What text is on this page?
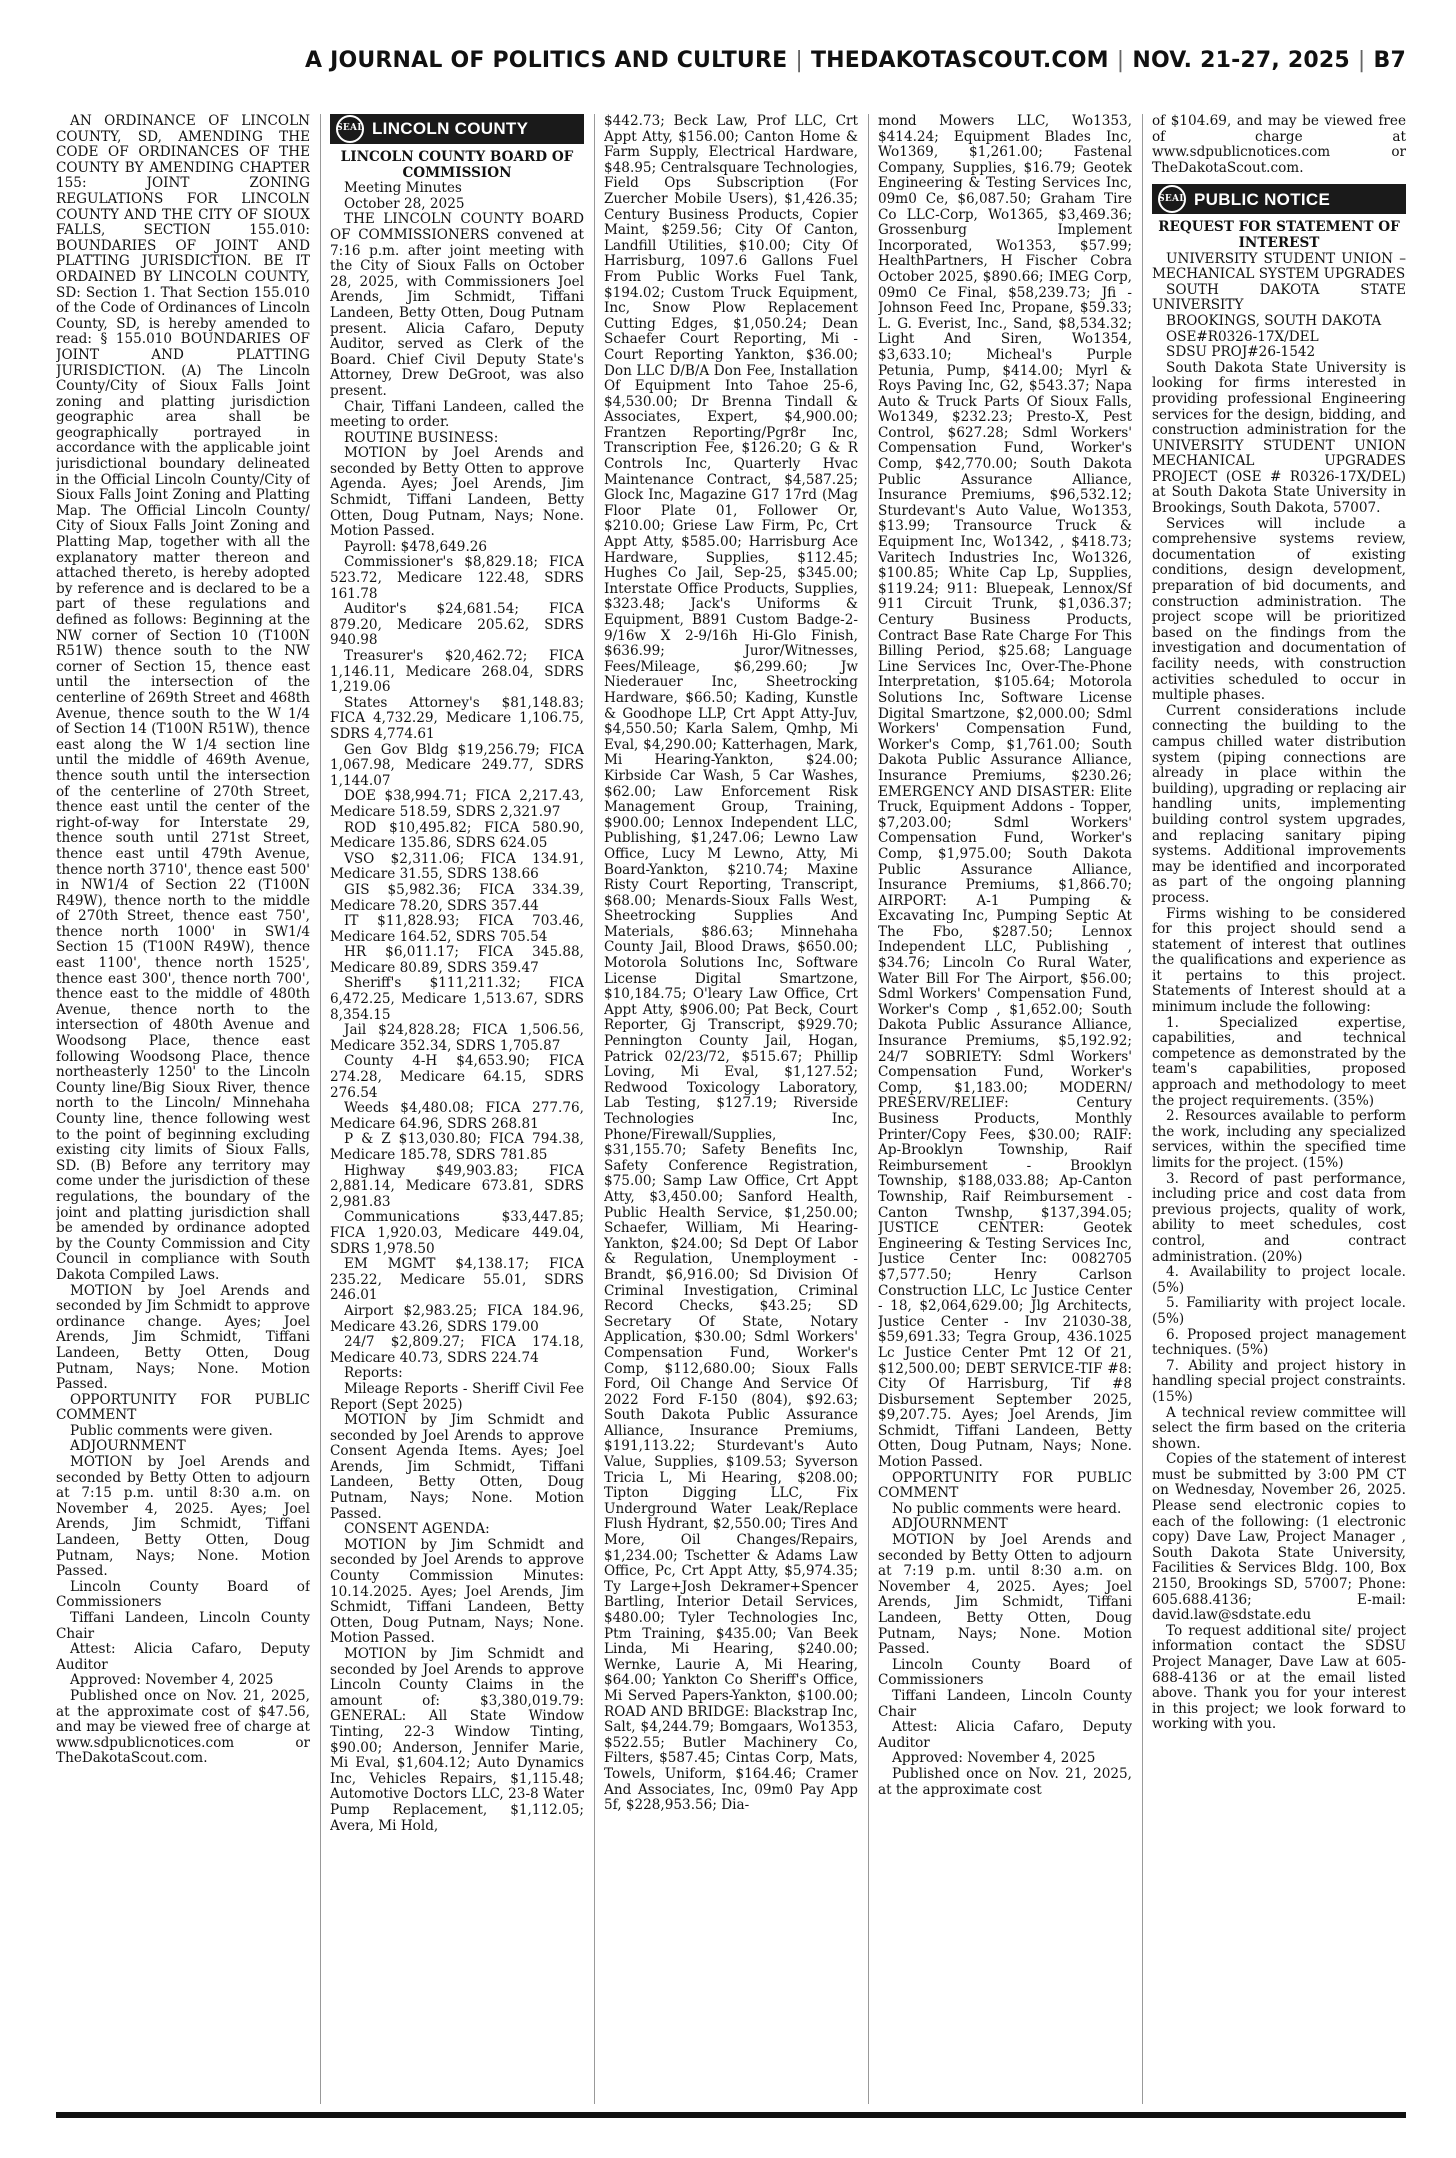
A JOURNAL OF POLITICS AND CULTURE | THEDAKOTASCOUT.COM | NOV. 21-27, 2025 | B7

AN ORDINANCE OF LINCOLN COUNTY, SD, AMENDING THE CODE OF ORDINANCES OF THE COUNTY BY AMENDING CHAPTER 155: JOINT ZONING REGULATIONS FOR LINCOLN COUNTY AND THE CITY OF SIOUX FALLS, SECTION 155.010: BOUNDARIES OF JOINT AND PLATTING JURISDICTION. BE IT ORDAINED BY LINCOLN COUNTY, SD: Section 1. That Section 155.010 of the Code of Ordinances of Lincoln County, SD, is hereby amended to read: § 155.010 BOUNDARIES OF JOINT AND PLATTING JURISDICTION. (A) The Lincoln County/City of Sioux Falls Joint zoning and platting jurisdiction geographic area shall be geographically portrayed in accordance with the applicable joint jurisdictional boundary delineated in the Official Lincoln County/City of Sioux Falls Joint Zoning and Platting Map. The Official Lincoln County/ City of Sioux Falls Joint Zoning and Platting Map, together with all the explanatory matter thereon and attached thereto, is hereby adopted by reference and is declared to be a part of these regulations and defined as follows: Beginning at the NW corner of Section 10 (T100N R51W) thence south to the NW corner of Section 15, thence east until the intersection of the centerline of 269th Street and 468th Avenue, thence south to the W 1/4 of Section 14 (T100N R51W), thence east along the W 1/4 section line until the middle of 469th Avenue, thence south until the intersection of the centerline of 270th Street, thence east until the center of the right-of-way for Interstate 29, thence south until 271st Street, thence east until 479th Avenue, thence north 3710', thence east 500' in NW1/4 of Section 22 (T100N R49W), thence north to the middle of 270th Street, thence east 750', thence north 1000' in SW1/4 Section 15 (T100N R49W), thence east 1100', thence north 1525', thence east 300', thence north 700', thence east to the middle of 480th Avenue, thence north to the intersection of 480th Avenue and Woodsong Place, thence east following Woodsong Place, thence northeasterly 1250' to the Lincoln County line/Big Sioux River, thence north to the Lincoln/ Minnehaha County line, thence following west to the point of beginning excluding existing city limits of Sioux Falls, SD. (B) Before any territory may come under the jurisdiction of these regulations, the boundary of the joint and platting jurisdiction shall be amended by ordinance adopted by the County Commission and City Council in compliance with South Dakota Compiled Laws.

MOTION by Joel Arends and seconded by Jim Schmidt to approve ordinance change. Ayes; Joel Arends, Jim Schmidt, Tiffani Landeen, Betty Otten, Doug Putnam, Nays; None. Motion Passed.

OPPORTUNITY FOR PUBLIC COMMENT

Public comments were given.

ADJOURNMENT

MOTION by Joel Arends and seconded by Betty Otten to adjourn at 7:15 p.m. until 8:30 a.m. on November 4, 2025. Ayes; Joel Arends, Jim Schmidt, Tiffani Landeen, Betty Otten, Doug Putnam, Nays; None. Motion Passed.

Lincoln County Board of Commissioners

Tiffani Landeen, Lincoln County Chair

Attest: Alicia Cafaro, Deputy Auditor

Approved: November 4, 2025

Published once on Nov. 21, 2025, at the approximate cost of $47.56, and may be viewed free of charge at www.sdpublicnotices.com or TheDakotaScout.com.

SEAL LINCOLN COUNTY

LINCOLN COUNTY BOARD OF COMMISSION

Meeting Minutes

October 28, 2025

THE LINCOLN COUNTY BOARD OF COMMISSIONERS convened at 7:16 p.m. after joint meeting with the City of Sioux Falls on October 28, 2025, with Commissioners Joel Arends, Jim Schmidt, Tiffani Landeen, Betty Otten, Doug Putnam present. Alicia Cafaro, Deputy Auditor, served as Clerk of the Board. Chief Civil Deputy State's Attorney, Drew DeGroot, was also present.

Chair, Tiffani Landeen, called the meeting to order.

ROUTINE BUSINESS:

MOTION by Joel Arends and seconded by Betty Otten to approve Agenda. Ayes; Joel Arends, Jim Schmidt, Tiffani Landeen, Betty Otten, Doug Putnam, Nays; None. Motion Passed.

Payroll: $478,649.26

Commissioner's $8,829.18; FICA 523.72, Medicare 122.48, SDRS 161.78

Auditor's $24,681.54; FICA 879.20, Medicare 205.62, SDRS 940.98

Treasurer's $20,462.72; FICA 1,146.11, Medicare 268.04, SDRS 1,219.06

States Attorney's $81,148.83; FICA 4,732.29, Medicare 1,106.75, SDRS 4,774.61

Gen Gov Bldg $19,256.79; FICA 1,067.98, Medicare 249.77, SDRS 1,144.07

DOE $38,994.71; FICA 2,217.43, Medicare 518.59, SDRS 2,321.97

ROD $10,495.82; FICA 580.90, Medicare 135.86, SDRS 624.05

VSO $2,311.06; FICA 134.91, Medicare 31.55, SDRS 138.66

GIS $5,982.36; FICA 334.39, Medicare 78.20, SDRS 357.44

IT $11,828.93; FICA 703.46, Medicare 164.52, SDRS 705.54

HR $6,011.17; FICA 345.88, Medicare 80.89, SDRS 359.47

Sheriff's $111,211.32; FICA 6,472.25, Medicare 1,513.67, SDRS 8,354.15

Jail $24,828.28; FICA 1,506.56, Medicare 352.34, SDRS 1,705.87

County 4-H $4,653.90; FICA 274.28, Medicare 64.15, SDRS 276.54

Weeds $4,480.08; FICA 277.76, Medicare 64.96, SDRS 268.81

P & Z $13,030.80; FICA 794.38, Medicare 185.78, SDRS 781.85

Highway $49,903.83; FICA 2,881.14, Medicare 673.81, SDRS 2,981.83

Communications $33,447.85; FICA 1,920.03, Medicare 449.04, SDRS 1,978.50

EM MGMT $4,138.17; FICA 235.22, Medicare 55.01, SDRS 246.01

Airport $2,983.25; FICA 184.96, Medicare 43.26, SDRS 179.00

24/7 $2,809.27; FICA 174.18, Medicare 40.73, SDRS 224.74

Reports:

Mileage Reports - Sheriff Civil Fee Report (Sept 2025)

MOTION by Jim Schmidt and seconded by Joel Arends to approve Consent Agenda Items. Ayes; Joel Arends, Jim Schmidt, Tiffani Landeen, Betty Otten, Doug Putnam, Nays; None. Motion Passed.

CONSENT AGENDA:

MOTION by Jim Schmidt and seconded by Joel Arends to approve County Commission Minutes: 10.14.2025. Ayes; Joel Arends, Jim Schmidt, Tiffani Landeen, Betty Otten, Doug Putnam, Nays; None. Motion Passed.

MOTION by Jim Schmidt and seconded by Joel Arends to approve Lincoln County Claims in the amount of: $3,380,019.79: GENERAL: All State Window Tinting, 22-3 Window Tinting, $90.00; Anderson, Jennifer Marie, Mi Eval, $1,604.12; Auto Dynamics Inc, Vehicles Repairs, $1,115.48; Automotive Doctors LLC, 23-8 Water Pump Replacement, $1,112.05; Avera, Mi Hold,

$442.73; Beck Law, Prof LLC, Crt Appt Atty, $156.00; Canton Home & Farm Supply, Electrical Hardware, $48.95; Centralsquare Technologies, Field Ops Subscription (For Zuercher Mobile Users), $1,426.35; Century Business Products, Copier Maint, $259.56; City Of Canton, Landfill Utilities, $10.00; City Of Harrisburg, 1097.6 Gallons Fuel From Public Works Fuel Tank, $194.02; Custom Truck Equipment, Inc, Snow Plow Replacement Cutting Edges, $1,050.24; Dean Schaefer Court Reporting, Mi - Court Reporting Yankton, $36.00; Don LLC D/B/A Don Fee, Installation Of Equipment Into Tahoe 25-6, $4,530.00; Dr Brenna Tindall & Associates, Expert, $4,900.00; Frantzen Reporting/Pgr8r Inc, Transcription Fee, $126.20; G & R Controls Inc, Quarterly Hvac Maintenance Contract, $4,587.25; Glock Inc, Magazine G17 17rd (Mag Floor Plate 01, Follower Or, $210.00; Griese Law Firm, Pc, Crt Appt Atty, $585.00; Harrisburg Ace Hardware, Supplies, $112.45; Hughes Co Jail, Sep-25, $345.00; Interstate Office Products, Supplies, $323.48; Jack's Uniforms & Equipment, B891 Custom Badge-2-9/16w X 2-9/16h Hi-Glo Finish, $636.99; Juror/Witnesses, Fees/Mileage, $6,299.60; Jw Niederauer Inc, Sheetrocking Hardware, $66.50; Kading, Kunstle & Goodhope LLP, Crt Appt Atty-Juv, $4,550.50; Karla Salem, Qmhp, Mi Eval, $4,290.00; Katterhagen, Mark, Mi Hearing-Yankton, $24.00; Kirbside Car Wash, 5 Car Washes, $62.00; Law Enforcement Risk Management Group, Training, $900.00; Lennox Independent LLC, Publishing, $1,247.06; Lewno Law Office, Lucy M Lewno, Atty, Mi Board-Yankton, $210.74; Maxine Risty Court Reporting, Transcript, $68.00; Menards-Sioux Falls West, Sheetrocking Supplies And Materials, $86.63; Minnehaha County Jail, Blood Draws, $650.00; Motorola Solutions Inc, Software License Digital Smartzone, $10,184.75; O'leary Law Office, Crt Appt Atty, $906.00; Pat Beck, Court Reporter, Gj Transcript, $929.70; Pennington County Jail, Hogan, Patrick 02/23/72, $515.67; Phillip Loving, Mi Eval, $1,127.52; Redwood Toxicology Laboratory, Lab Testing, $127.19; Riverside Technologies Inc, Phone/Firewall/Supplies, $31,155.70; Safety Benefits Inc, Safety Conference Registration, $75.00; Samp Law Office, Crt Appt Atty, $3,450.00; Sanford Health, Public Health Service, $1,250.00; Schaefer, William, Mi Hearing-Yankton, $24.00; Sd Dept Of Labor & Regulation, Unemployment - Brandt, $6,916.00; Sd Division Of Criminal Investigation, Criminal Record Checks, $43.25; SD Secretary Of State, Notary Application, $30.00; Sdml Workers' Compensation Fund, Worker's Comp, $112,680.00; Sioux Falls Ford, Oil Change And Service Of 2022 Ford F-150 (804), $92.63; South Dakota Public Assurance Alliance, Insurance Premiums, $191,113.22; Sturdevant's Auto Value, Supplies, $109.53; Syverson Tricia L, Mi Hearing, $208.00; Tipton Digging LLC, Fix Underground Water Leak/Replace Flush Hydrant, $2,550.00; Tires And More, Oil Changes/Repairs, $1,234.00; Tschetter & Adams Law Office, Pc, Crt Appt Atty, $5,974.35; Ty Large+Josh Dekramer+Spencer Bartling, Interior Detail Services, $480.00; Tyler Technologies Inc, Ptm Training, $435.00; Van Beek Linda, Mi Hearing, $240.00; Wernke, Laurie A, Mi Hearing, $64.00; Yankton Co Sheriff's Office, Mi Served Papers-Yankton, $100.00; ROAD AND BRIDGE: Blackstrap Inc, Salt, $4,244.79; Bomgaars, Wo1353, $522.55; Butler Machinery Co, Filters, $587.45; Cintas Corp, Mats, Towels, Uniform, $164.46; Cramer And Associates, Inc, 09m0 Pay App 5f, $228,953.56; Dia-

mond Mowers LLC, Wo1353, $414.24; Equipment Blades Inc, Wo1369, $1,261.00; Fastenal Company, Supplies, $16.79; Geotek Engineering & Testing Services Inc, 09m0 Ce, $6,087.50; Graham Tire Co LLC-Corp, Wo1365, $3,469.36; Grossenburg Implement Incorporated, Wo1353, $57.99; HealthPartners, H Fischer Cobra October 2025, $890.66; IMEG Corp, 09m0 Ce Final, $58,239.73; Jfi - Johnson Feed Inc, Propane, $59.33; L. G. Everist, Inc., Sand, $8,534.32; Light And Siren, Wo1354, $3,633.10; Micheal's Purple Petunia, Pump, $414.00; Myrl & Roys Paving Inc, G2, $543.37; Napa Auto & Truck Parts Of Sioux Falls, Wo1349, $232.23; Presto-X, Pest Control, $627.28; Sdml Workers' Compensation Fund, Worker's Comp, $42,770.00; South Dakota Public Assurance Alliance, Insurance Premiums, $96,532.12; Sturdevant's Auto Value, Wo1353, $13.99; Transource Truck & Equipment Inc, Wo1342, , $418.73; Varitech Industries Inc, Wo1326, $100.85; White Cap Lp, Supplies, $119.24; 911: Bluepeak, Lennox/Sf 911 Circuit Trunk, $1,036.37; Century Business Products, Contract Base Rate Charge For This Billing Period, $25.68; Language Line Services Inc, Over-The-Phone Interpretation, $105.64; Motorola Solutions Inc, Software License Digital Smartzone, $2,000.00; Sdml Workers' Compensation Fund, Worker's Comp, $1,761.00; South Dakota Public Assurance Alliance, Insurance Premiums, $230.26; EMERGENCY AND DISASTER: Elite Truck, Equipment Addons - Topper, $7,203.00; Sdml Workers' Compensation Fund, Worker's Comp, $1,975.00; South Dakota Public Assurance Alliance, Insurance Premiums, $1,866.70; AIRPORT: A-1 Pumping & Excavating Inc, Pumping Septic At The Fbo, $287.50; Lennox Independent LLC, Publishing , $34.76; Lincoln Co Rural Water, Water Bill For The Airport, $56.00; Sdml Workers' Compensation Fund, Worker's Comp , $1,652.00; South Dakota Public Assurance Alliance, Insurance Premiums, $5,192.92; 24/7 SOBRIETY: Sdml Workers' Compensation Fund, Worker's Comp, $1,183.00; MODERN/ PRESERV/RELIEF: Century Business Products, Monthly Printer/Copy Fees, $30.00; RAIF: Ap-Brooklyn Township, Raif Reimbursement - Brooklyn Township, $188,033.88; Ap-Canton Township, Raif Reimbursement - Canton Twnshp, $137,394.05; JUSTICE CENTER: Geotek Engineering & Testing Services Inc, Justice Center Inc: 0082705 $7,577.50; Henry Carlson Construction LLC, Lc Justice Center - 18, $2,064,629.00; Jlg Architects, Justice Center - Inv 21030-38, $59,691.33; Tegra Group, 436.1025 Lc Justice Center Pmt 12 Of 21, $12,500.00; DEBT SERVICE-TIF #8: City Of Harrisburg, Tif #8 Disbursement September 2025, $9,207.75. Ayes; Joel Arends, Jim Schmidt, Tiffani Landeen, Betty Otten, Doug Putnam, Nays; None. Motion Passed.

OPPORTUNITY FOR PUBLIC COMMENT

No public comments were heard.

ADJOURNMENT

MOTION by Joel Arends and seconded by Betty Otten to adjourn at 7:19 p.m. until 8:30 a.m. on November 4, 2025. Ayes; Joel Arends, Jim Schmidt, Tiffani Landeen, Betty Otten, Doug Putnam, Nays; None. Motion Passed.

Lincoln County Board of Commissioners

Tiffani Landeen, Lincoln County Chair

Attest: Alicia Cafaro, Deputy Auditor

Approved: November 4, 2025

Published once on Nov. 21, 2025, at the approximate cost

of $104.69, and may be viewed free of charge at www.sdpublicnotices.com or TheDakotaScout.com.

SEAL PUBLIC NOTICE

REQUEST FOR STATEMENT OF INTEREST

UNIVERSITY STUDENT UNION – MECHANICAL SYSTEM UPGRADES

SOUTH DAKOTA STATE UNIVERSITY

BROOKINGS, SOUTH DAKOTA

OSE#R0326-17X/DEL

SDSU PROJ#26-1542

South Dakota State University is looking for firms interested in providing professional Engineering services for the design, bidding, and construction administration for the UNIVERSITY STUDENT UNION MECHANICAL UPGRADES PROJECT (OSE # R0326-17X/DEL) at South Dakota State University in Brookings, South Dakota, 57007.

Services will include a comprehensive systems review, documentation of existing conditions, design development, preparation of bid documents, and construction administration. The project scope will be prioritized based on the findings from the investigation and documentation of facility needs, with construction activities scheduled to occur in multiple phases.

Current considerations include connecting the building to the campus chilled water distribution system (piping connections are already in place within the building), upgrading or replacing air handling units, implementing building control system upgrades, and replacing sanitary piping systems. Additional improvements may be identified and incorporated as part of the ongoing planning process.

Firms wishing to be considered for this project should send a statement of interest that outlines the qualifications and experience as it pertains to this project. Statements of Interest should at a minimum include the following:

1. Specialized expertise, capabilities, and technical competence as demonstrated by the team's capabilities, proposed approach and methodology to meet the project requirements. (35%)

2. Resources available to perform the work, including any specialized services, within the specified time limits for the project. (15%)

3. Record of past performance, including price and cost data from previous projects, quality of work, ability to meet schedules, cost control, and contract administration. (20%)

4. Availability to project locale. (5%)

5. Familiarity with project locale. (5%)

6. Proposed project management techniques. (5%)

7. Ability and project history in handling special project constraints. (15%)

A technical review committee will select the firm based on the criteria shown.

Copies of the statement of interest must be submitted by 3:00 PM CT on Wednesday, November 26, 2025. Please send electronic copies to each of the following: (1 electronic copy) Dave Law, Project Manager , South Dakota State University, Facilities & Services Bldg. 100, Box 2150, Brookings SD, 57007; Phone: 605.688.4136; E-mail: david.law@sdstate.edu

To request additional site/ project information contact the SDSU Project Manager, Dave Law at 605-688-4136 or at the email listed above. Thank you for your interest in this project; we look forward to working with you.
